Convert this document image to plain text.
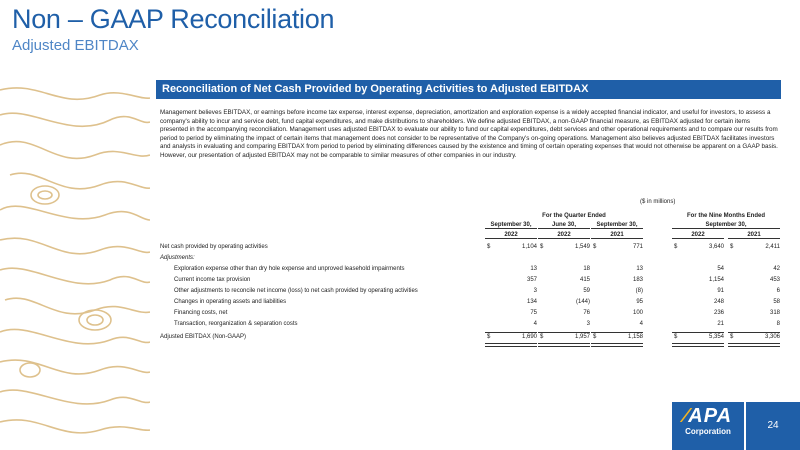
Non – GAAP Reconciliation
Adjusted EBITDAX
Reconciliation of Net Cash Provided by Operating Activities to Adjusted EBITDAX
Management believes EBITDAX, or earnings before income tax expense, interest expense, depreciation, amortization and exploration expense is a widely accepted financial indicator, and useful for investors, to assess a company's ability to incur and service debt, fund capital expenditures, and make distributions to shareholders. We define adjusted EBITDAX, a non-GAAP financial measure, as EBITDAX adjusted for certain items presented in the accompanying reconciliation. Management uses adjusted EBITDAX to evaluate our ability to fund our capital expenditures, debt services and other operational requirements and to compare our results from period to period by eliminating the impact of certain items that management does not consider to be representative of the Company's on-going operations. Management also believes adjusted EBITDAX facilitates investors and analysts in evaluating and comparing EBITDAX from period to period by eliminating differences caused by the existence and timing of certain operating expenses that would not otherwise be apparent on a GAAP basis. However, our presentation of adjusted EBITDAX may not be comparable to similar measures of other companies in our industry.
($ in millions)
For the Quarter Ended	For the Nine Months Ended
September 30,	June 30,	September 30,	September 30,
2022	2022	2021	2022	2021
Net cash provided by operating activities	$	1,104 $	1,549 $	771	$	3,640 $	2,411
Adjustments:
Exploration expense other than dry hole expense and unproved leasehold impairments	13	18	13	54	42
Current income tax provision	357	415	183	1,154	453
Other adjustments to reconcile net income (loss) to net cash provided by operating activities	3	59	(8)	91	6
Changes in operating assets and liabilities	134	(144)	95	248	58
Financing costs, net	75	76	100	236	318
Transaction, reorganization & separation costs	4	3	4	21	8
Adjusted EBITDAX (Non-GAAP)	$	1,690 $	1,957 $	1,158	$	5,354 $	3,306
⁄APA
Corporation
24
